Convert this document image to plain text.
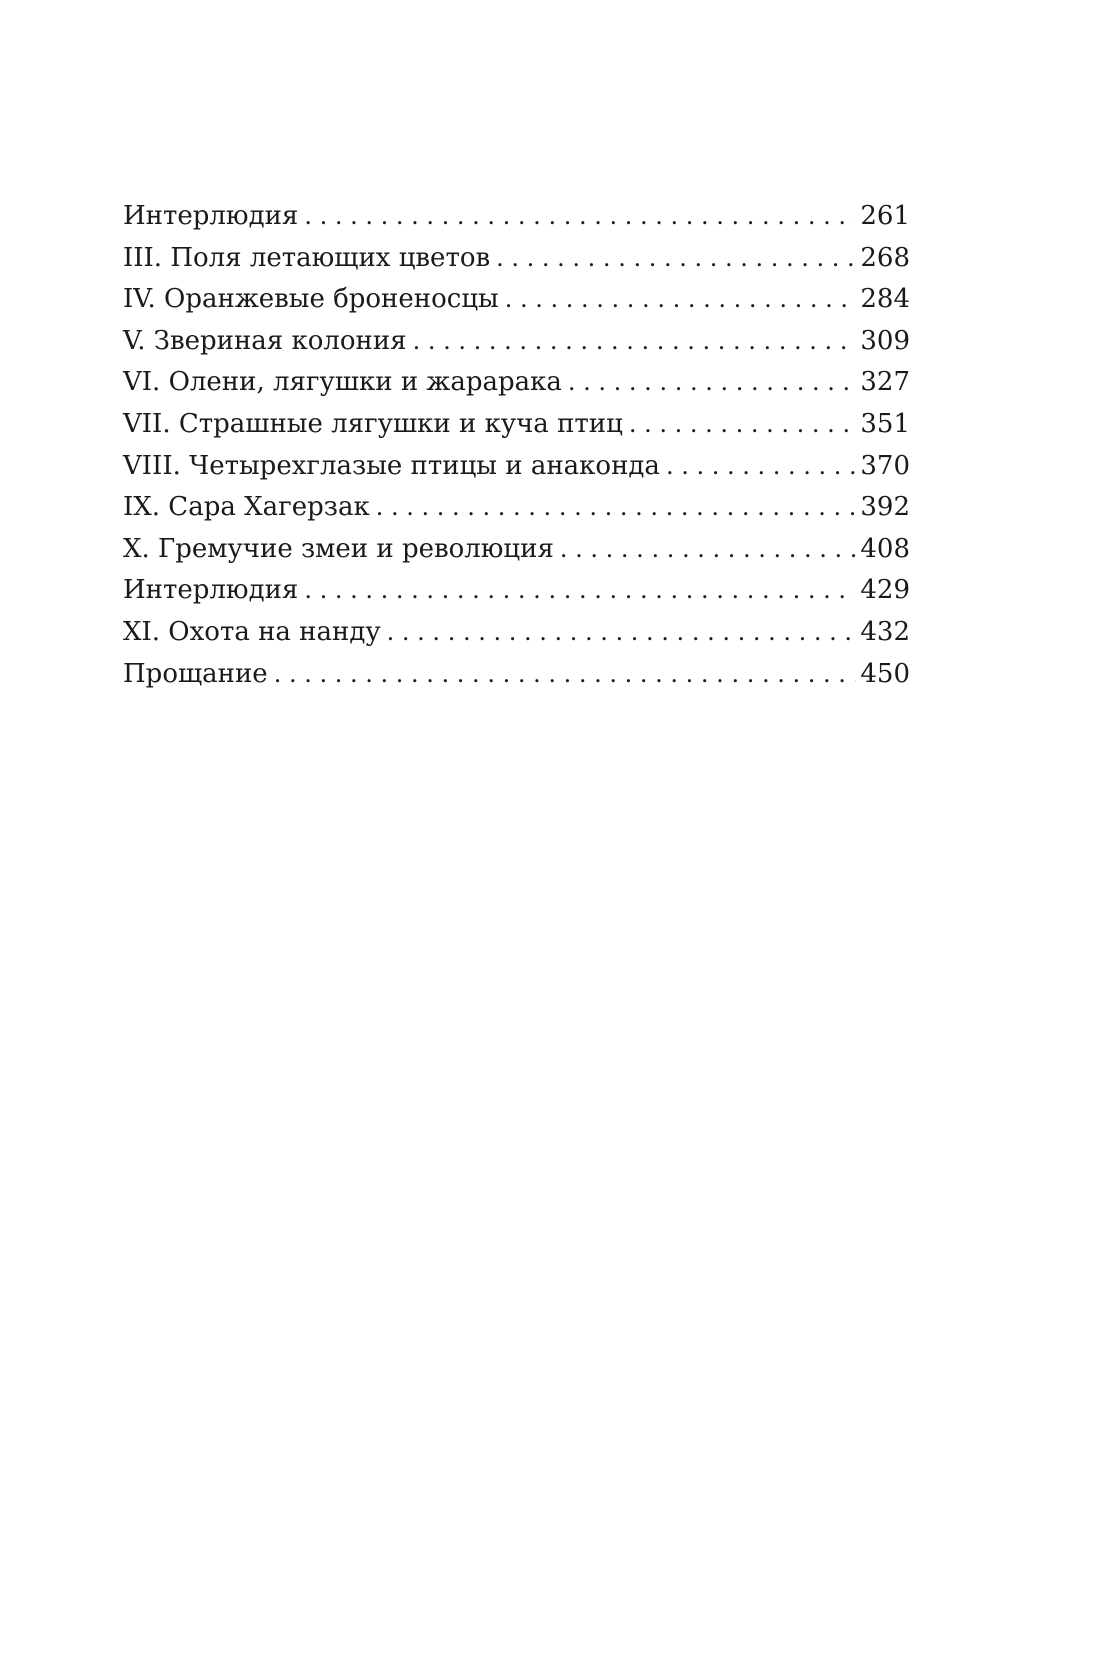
Интерлюдия . . .	261
III. Поля летающих цветов . . .	268
IV. Оранжевые броненосцы . . .	284
V. Звериная колония . . .	309
VI. Олени, лягушки и жарарака . . .	327
VII. Страшные лягушки и куча птиц . . .	351
VIII. Четырехглазые птицы и анаконда . . .	370
IX. Сара Хагерзак . . .	392
X. Гремучие змеи и революция . . .	408
Интерлюдия . . .	429
XI. Охота на нанду . . .	432
Прощание . . .	450
